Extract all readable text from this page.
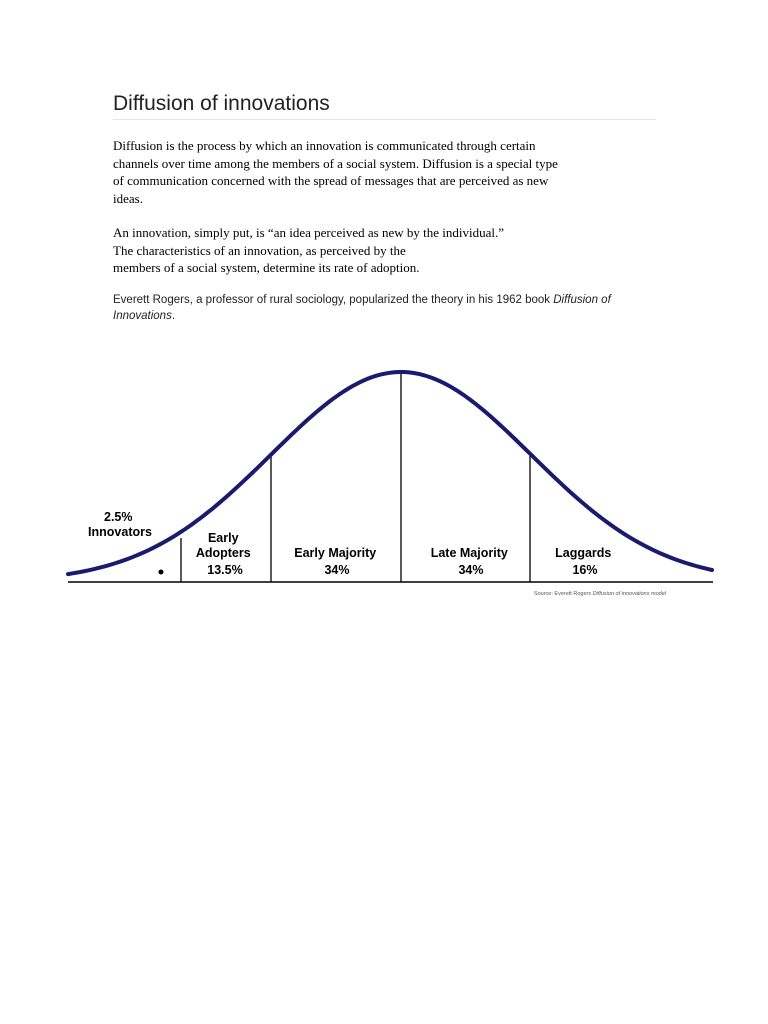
Diffusion of innovations

Diffusion is the process by which an innovation is communicated through certain
channels over time among the members of a social system. Diffusion is a special type
of communication concerned with the spread of messages that are perceived as new
ideas.

An innovation, simply put, is “an idea perceived as new by the individual.”
The characteristics of an innovation, as perceived by the
members of a social system, determine its rate of adoption.

Everett Rogers, a professor of rural sociology, popularized the theory in his 1962 book Diffusion of Innovations.

2.5% Innovators	Early Adopters 13.5%
Early Majority 34%
Late Majority 34%
Laggards 16%
Source: Everett Rogers Diffusion of innovations model
